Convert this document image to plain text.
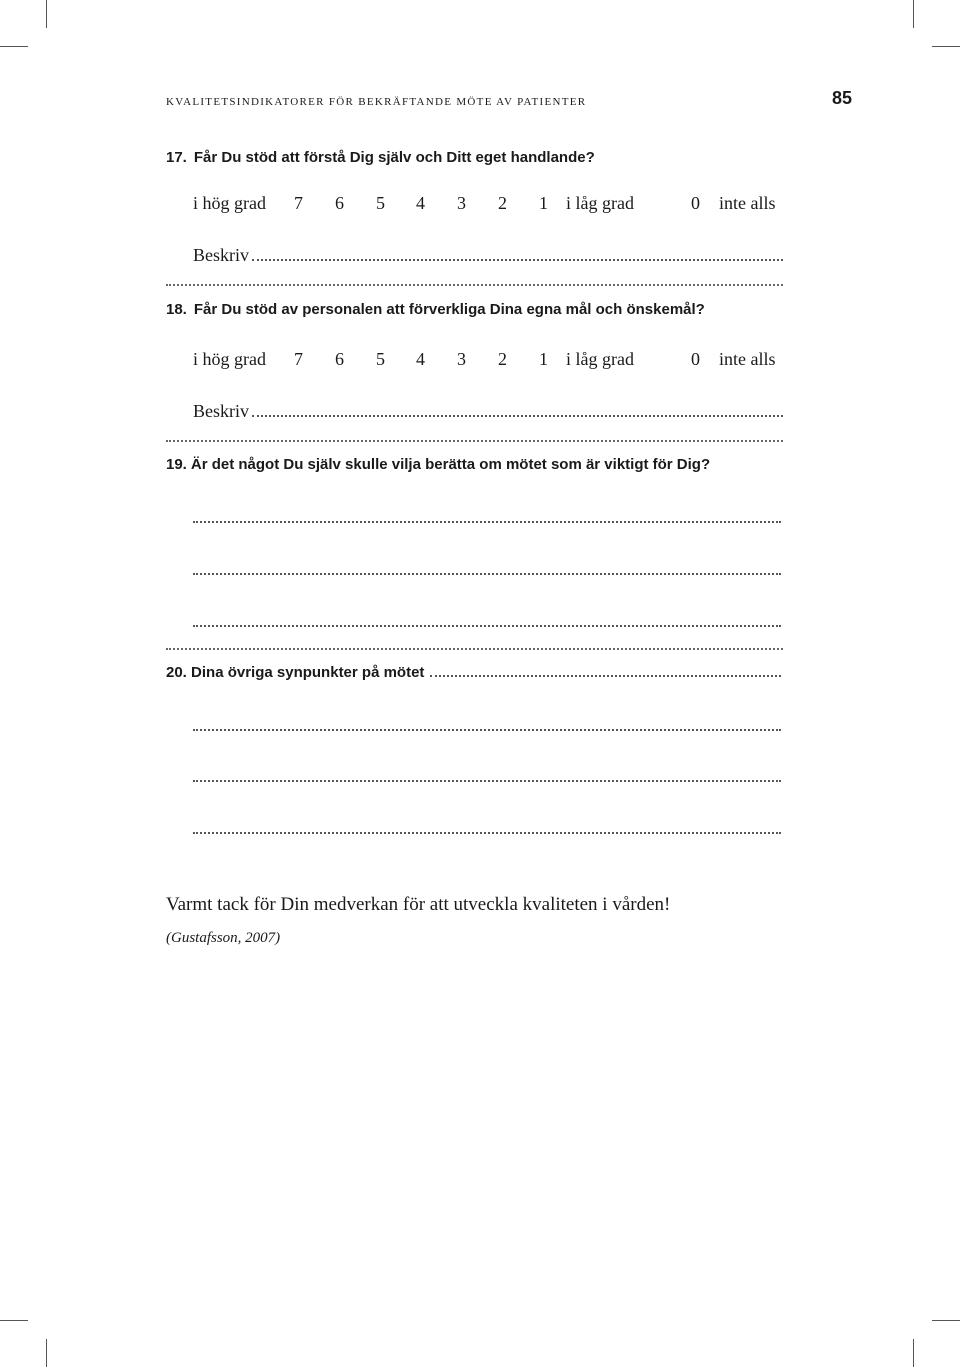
KVALITETSINDIKATORER FÖR BEKRÄFTANDE MÖTE AV PATIENTER	85
17. Får Du stöd att förstå Dig själv och Ditt eget handlande?
i hög grad 7 6 5 4 3 2 1 i låg grad	0 inte alls
Beskriv
18. Får Du stöd av personalen att förverkliga Dina egna mål och önskemål?
i hög grad 7 6 5 4 3 2 1 i låg grad	0 inte alls
Beskriv
19. Är det något Du själv skulle vilja berätta om mötet som är viktigt för Dig?
20. Dina övriga synpunkter på mötet
Varmt tack för Din medverkan för att utveckla kvaliteten i vården!
(Gustafsson, 2007)
